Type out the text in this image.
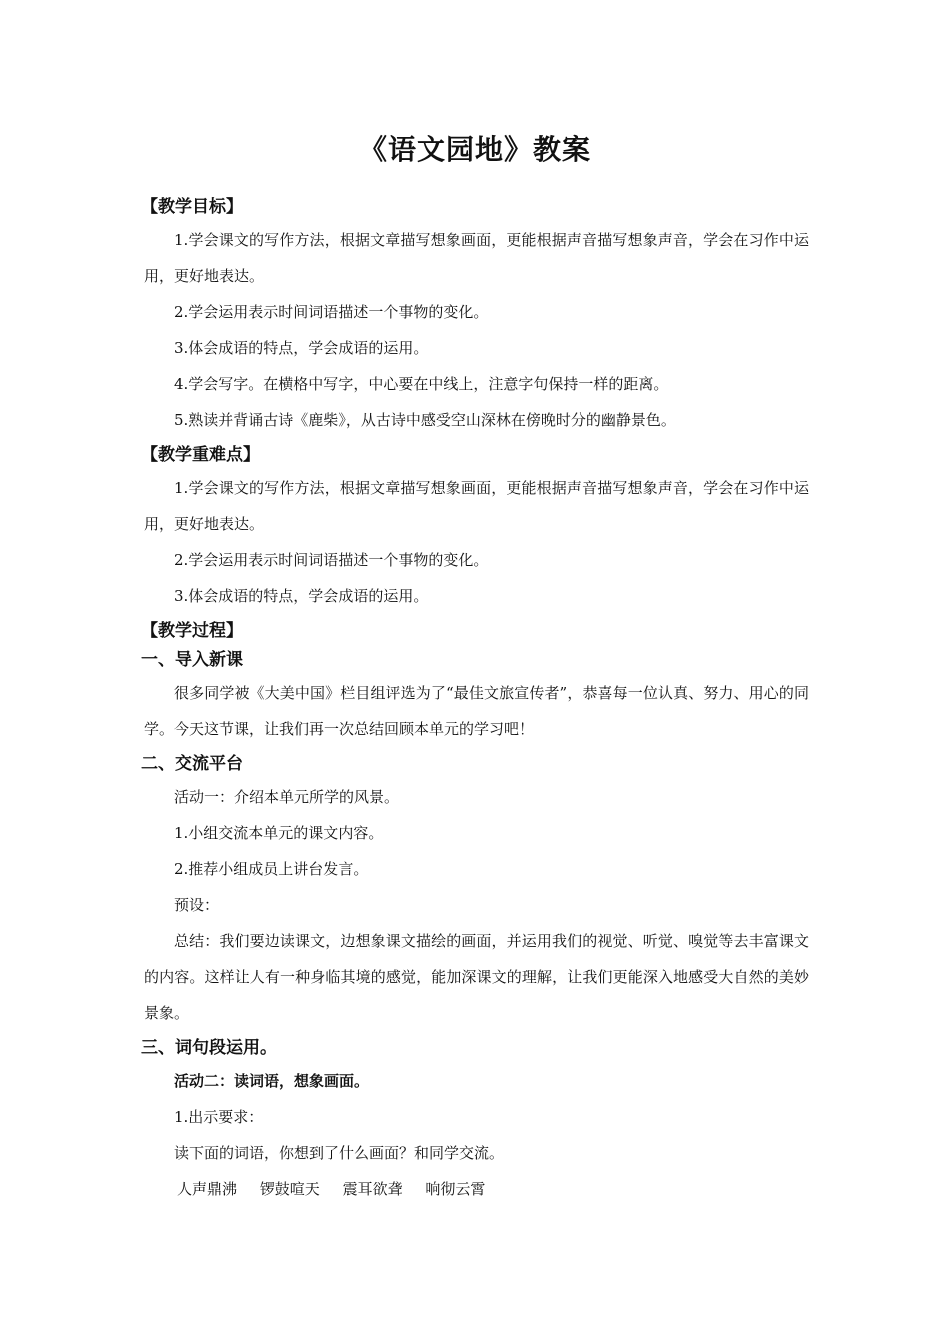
《语文园地》教案
【教学目标】

1.学会课文的写作方法，根据文章描写想象画面，更能根据声音描写想象声音，学会在习作中运用，更好地表达。

2.学会运用表示时间词语描述一个事物的变化。

3.体会成语的特点，学会成语的运用。

4.学会写字。在横格中写字，中心要在中线上，注意字句保持一样的距离。

5.熟读并背诵古诗《鹿柴》，从古诗中感受空山深林在傍晚时分的幽静景色。

【教学重难点】

1.学会课文的写作方法，根据文章描写想象画面，更能根据声音描写想象声音，学会在习作中运用，更好地表达。

2.学会运用表示时间词语描述一个事物的变化。

3.体会成语的特点，学会成语的运用。

【教学过程】
一、导入新课

很多同学被《大美中国》栏目组评选为了“最佳文旅宣传者”，恭喜每一位认真、努力、用心的同学。今天这节课，让我们再一次总结回顾本单元的学习吧！

二、交流平台

活动一：介绍本单元所学的风景。

1.小组交流本单元的课文内容。

2.推荐小组成员上讲台发言。

预设：

总结：我们要边读课文，边想象课文描绘的画面，并运用我们的视觉、听觉、嗅觉等去丰富课文的内容。这样让人有一种身临其境的感觉，能加深课文的理解，让我们更能深入地感受大自然的美妙景象。

三、词句段运用。

活动二：读词语，想象画面。

1.出示要求：

读下面的词语，你想到了什么画面？和同学交流。

人声鼎沸 锣鼓喧天 震耳欲聋 响彻云霄
